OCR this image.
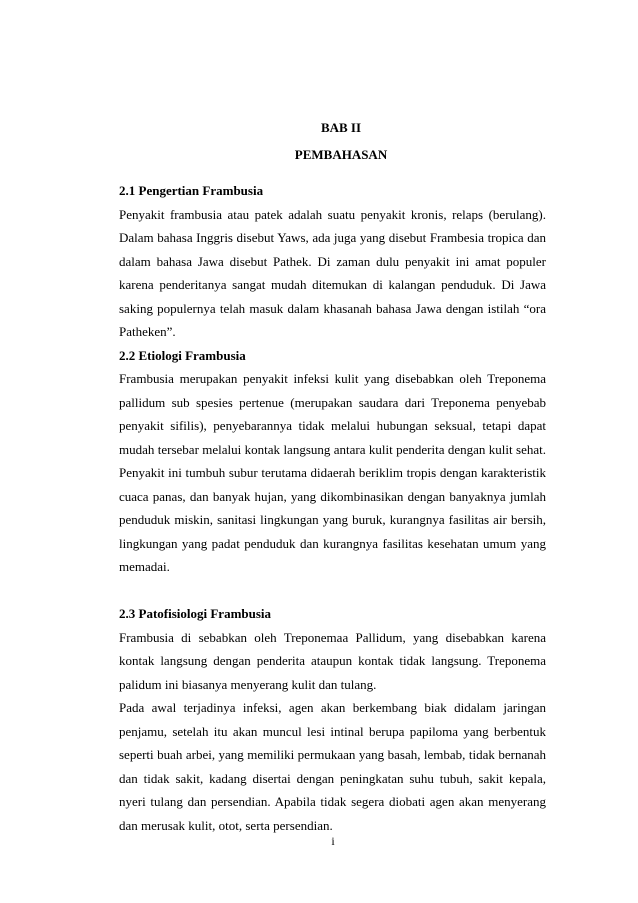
BAB II

PEMBAHASAN

2.1 Pengertian Frambusia

Penyakit frambusia atau patek adalah suatu penyakit kronis, relaps (berulang). Dalam bahasa Inggris disebut Yaws, ada juga yang disebut Frambesia tropica dan dalam bahasa Jawa disebut Pathek. Di zaman dulu penyakit ini amat populer karena penderitanya sangat mudah ditemukan di kalangan penduduk. Di Jawa saking populernya telah masuk dalam khasanah bahasa Jawa dengan istilah “ora Patheken”.

2.2 Etiologi Frambusia

Frambusia merupakan penyakit infeksi kulit yang disebabkan oleh Treponema pallidum sub spesies pertenue (merupakan saudara dari Treponema penyebab penyakit sifilis), penyebarannya tidak melalui hubungan seksual, tetapi dapat mudah tersebar melalui kontak langsung antara kulit penderita dengan kulit sehat. Penyakit ini tumbuh subur terutama didaerah beriklim tropis dengan karakteristik cuaca panas, dan banyak hujan, yang dikombinasikan dengan banyaknya jumlah penduduk miskin, sanitasi lingkungan yang buruk, kurangnya fasilitas air bersih, lingkungan yang padat penduduk dan kurangnya fasilitas kesehatan umum yang memadai.

2.3 Patofisiologi Frambusia

Frambusia di sebabkan oleh Treponemaa Pallidum, yang disebabkan karena kontak langsung dengan penderita ataupun kontak tidak langsung. Treponema palidum ini biasanya menyerang kulit dan tulang.

Pada awal terjadinya infeksi, agen akan berkembang biak didalam jaringan penjamu, setelah itu akan muncul lesi intinal berupa papiloma yang berbentuk seperti buah arbei, yang memiliki permukaan yang basah, lembab, tidak bernanah dan tidak sakit, kadang disertai dengan peningkatan suhu tubuh, sakit kepala, nyeri tulang dan persendian. Apabila tidak segera diobati agen akan menyerang dan merusak kulit, otot, serta persendian.

i
